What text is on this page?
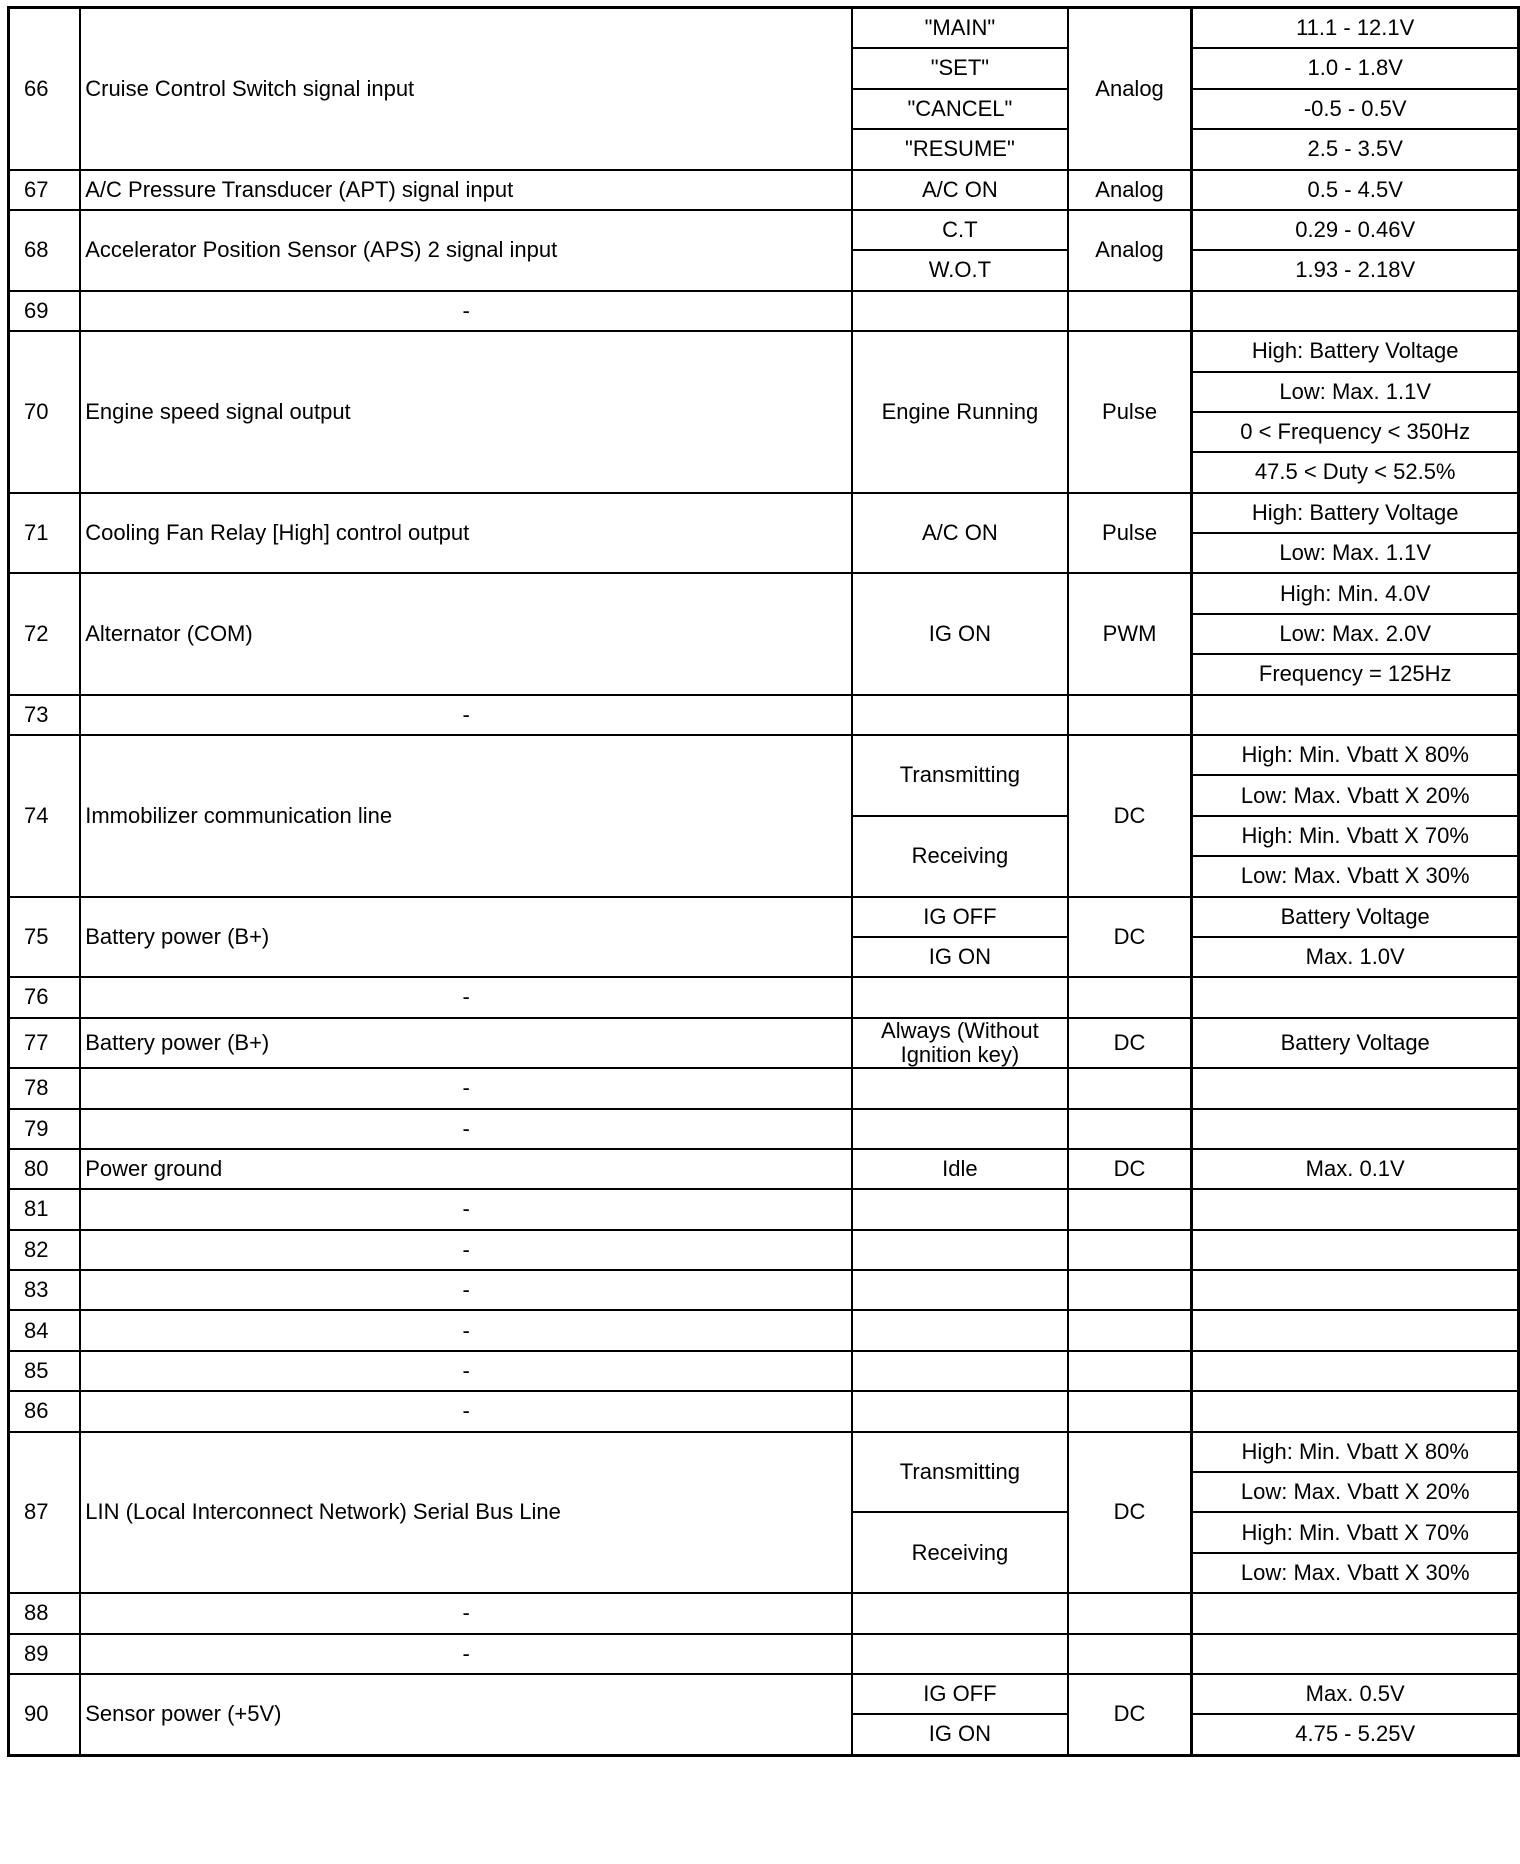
66	Cruise Control Switch signal input	"MAIN"	Analog	11.1 - 12.1V
		"SET"		1.0 - 1.8V
		"CANCEL"		-0.5 - 0.5V
		"RESUME"		2.5 - 3.5V
67	A/C Pressure Transducer (APT) signal input	A/C ON	Analog	0.5 - 4.5V
68	Accelerator Position Sensor (APS) 2 signal input	C.T	Analog	0.29 - 0.46V
		W.O.T		1.93 - 2.18V
69	-			
70	Engine speed signal output	Engine Running	Pulse	High: Battery Voltage
				Low: Max. 1.1V
				0 < Frequency < 350Hz
				47.5 < Duty < 52.5%
71	Cooling Fan Relay [High] control output	A/C ON	Pulse	High: Battery Voltage
				Low: Max. 1.1V
72	Alternator (COM)	IG ON	PWM	High: Min. 4.0V
				Low: Max. 2.0V
				Frequency = 125Hz
73	-			
74	Immobilizer communication line	Transmitting	DC	High: Min. Vbatt X 80%
				Low: Max. Vbatt X 20%
		Receiving		High: Min. Vbatt X 70%
				Low: Max. Vbatt X 30%
75	Battery power (B+)	IG OFF	DC	Battery Voltage
		IG ON		Max. 1.0V
76	-			
77	Battery power (B+)	Always (Without Ignition key)	DC	Battery Voltage
78	-			
79	-			
80	Power ground	Idle	DC	Max. 0.1V
81	-			
82	-			
83	-			
84	-			
85	-			
86	-			
87	LIN (Local Interconnect Network) Serial Bus Line	Transmitting	DC	High: Min. Vbatt X 80%
				Low: Max. Vbatt X 20%
		Receiving		High: Min. Vbatt X 70%
				Low: Max. Vbatt X 30%
88	-			
89	-			
90	Sensor power (+5V)	IG OFF	DC	Max. 0.5V
		IG ON		4.75 - 5.25V
